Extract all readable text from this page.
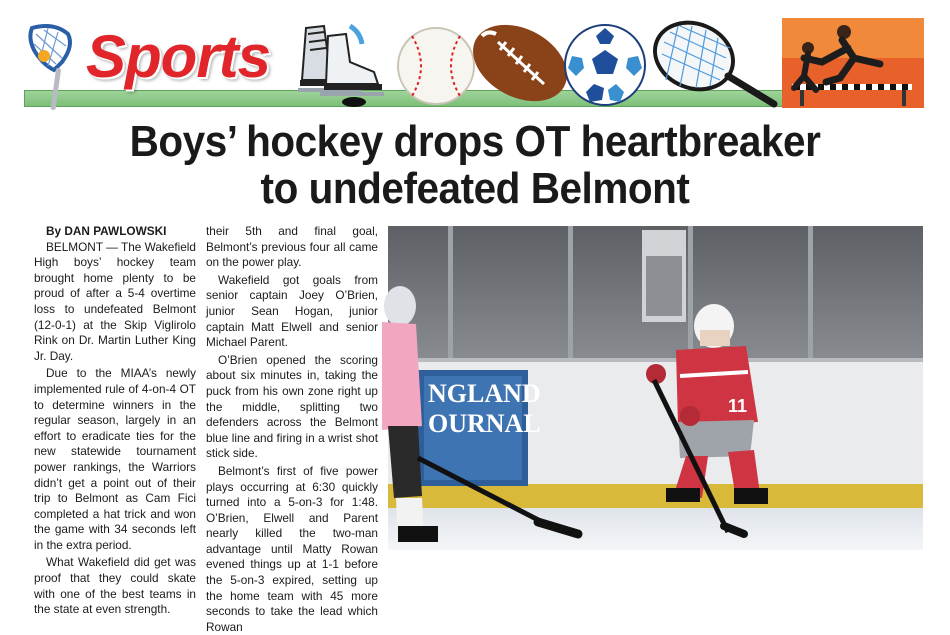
Sports
Boys’ hockey drops OT heartbreaker
to undefeated Belmont
By DAN PAWLOWSKI

BELMONT — The Wakefield High boys’ hockey team brought home plenty to be proud of after a 5-4 overtime loss to undefeated Belmont (12-0-1) at the Skip Viglirolo Rink on Dr. Martin Luther King Jr. Day.

Due to the MIAA’s newly implemented rule of 4-on-4 OT to determine winners in the regular season, largely in an effort to eradicate ties for the new statewide tournament power rankings, the Warriors didn’t get a point out of their trip to Belmont as Cam Fici completed a hat trick and won the game with 34 seconds left in the extra period.

What Wakefield did get was proof that they could skate with one of the best teams in the state at even strength.

their 5th and final goal, Belmont’s previous four all came on the power play.

Wakefield got goals from senior captain Joey O’Brien, junior Sean Hogan, junior captain Matt Elwell and senior Michael Parent.

O’Brien opened the scoring about six minutes in, taking the puck from his own zone right up the middle, splitting two defenders across the Belmont blue line and firing in a wrist shot stick side.

Belmont’s first of five power plays occurring at 6:30 quickly turned into a 5-on-3 for 1:48. O’Brien, Elwell and Parent nearly killed the two-man advantage until Matty Rowan evened things up at 1-1 before the 5-on-3 expired, setting up the home team with 45 more seconds to take the lead which Rowan

NGLAND
OURNAL
11
